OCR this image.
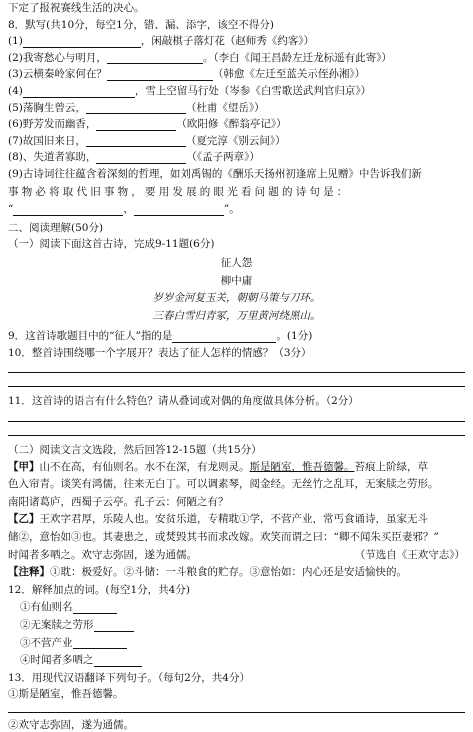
下定了报祝赛线生活的决心。
8．默写(共10分，每空1分，错、漏、添字，该空不得分)
(1)	，闲敲棋子落灯花（赵师秀《约客》）
(2)我寄愁心与明月，	。（李白《闻王昌龄左迁龙标遥有此寄》）
(3)云横秦岭家何在？	（韩愈《左迁至蓝关示侄孙湘》）
(4)	，雪上空留马行处（岑参《白雪歌送武判官归京》）
(5)荡胸生曾云，	（杜甫《望岳》）
(6)野芳发而幽香，	（欧阳修《醉翁亭记》）
(7)故国旧来日，	（夏完淳《别云间》）
(8)、失道者寡助，	（《孟子两章》）
(9)古诗词往往蕴含着深刻的哲理，如刘禹锡的《酬乐天扬州初逢席上见赠》中告诉我们新
事物必将取代旧事物，要用发展的眼光看问题的诗句是：
“	，	”。
二、阅读理解(50分)
（一）阅读下面这首古诗，完成9-11题(6分)
征人怨
柳中庸
岁岁金河复玉关，朝朝马策与刀环。
三春白雪归青冢，万里黄河绕黑山。
9．这首诗歌题目中的“征人”指的是	。(1分)
10．整首诗围绕哪一个字展开？表达了征人怎样的情感？（3分）
11．这首诗的语言有什么特色？请从叠词或对偶的角度做具体分析。（2分）
（二）阅读文言文选段，然后回答12-15题（共15分）
【甲】山不在高，有仙则名。水不在深，有龙则灵。斯是陋室，惟吾德馨。苔痕上阶绿，草
色入帘青。谈笑有鸿儒，往来无白丁。可以调素琴，阅金经。无丝竹之乱耳，无案牍之劳形。
南阳诸葛庐，西蜀子云亭。孔子云：何陋之有？
【乙】王欢字君厚，乐陵人也。安贫乐道，专精耽①学，不营产业，常丐食诵诗，虽家无斗
储②，意怡如③也。其妻患之，或焚毁其书而求改嫁。欢笑而谓之曰：“卿不闻朱买臣妻邪？”
时闻者多哂之。欢守志弥固，遂为通儒。	（节选自《王欢守志》）
【注释】①耽：极爱好。②斗储：一斗粮食的贮存。③意怡如：内心还是安适愉快的。
12．解释加点的词。(每空1分，共4分)
①有仙则名
②无案牍之劳形
③不营产业
④时闻者多哂之
13．用现代汉语翻译下列句子。（每句2分，共4分）
①斯是陋室，惟吾德馨。
②欢守志弥固，遂为通儒。
